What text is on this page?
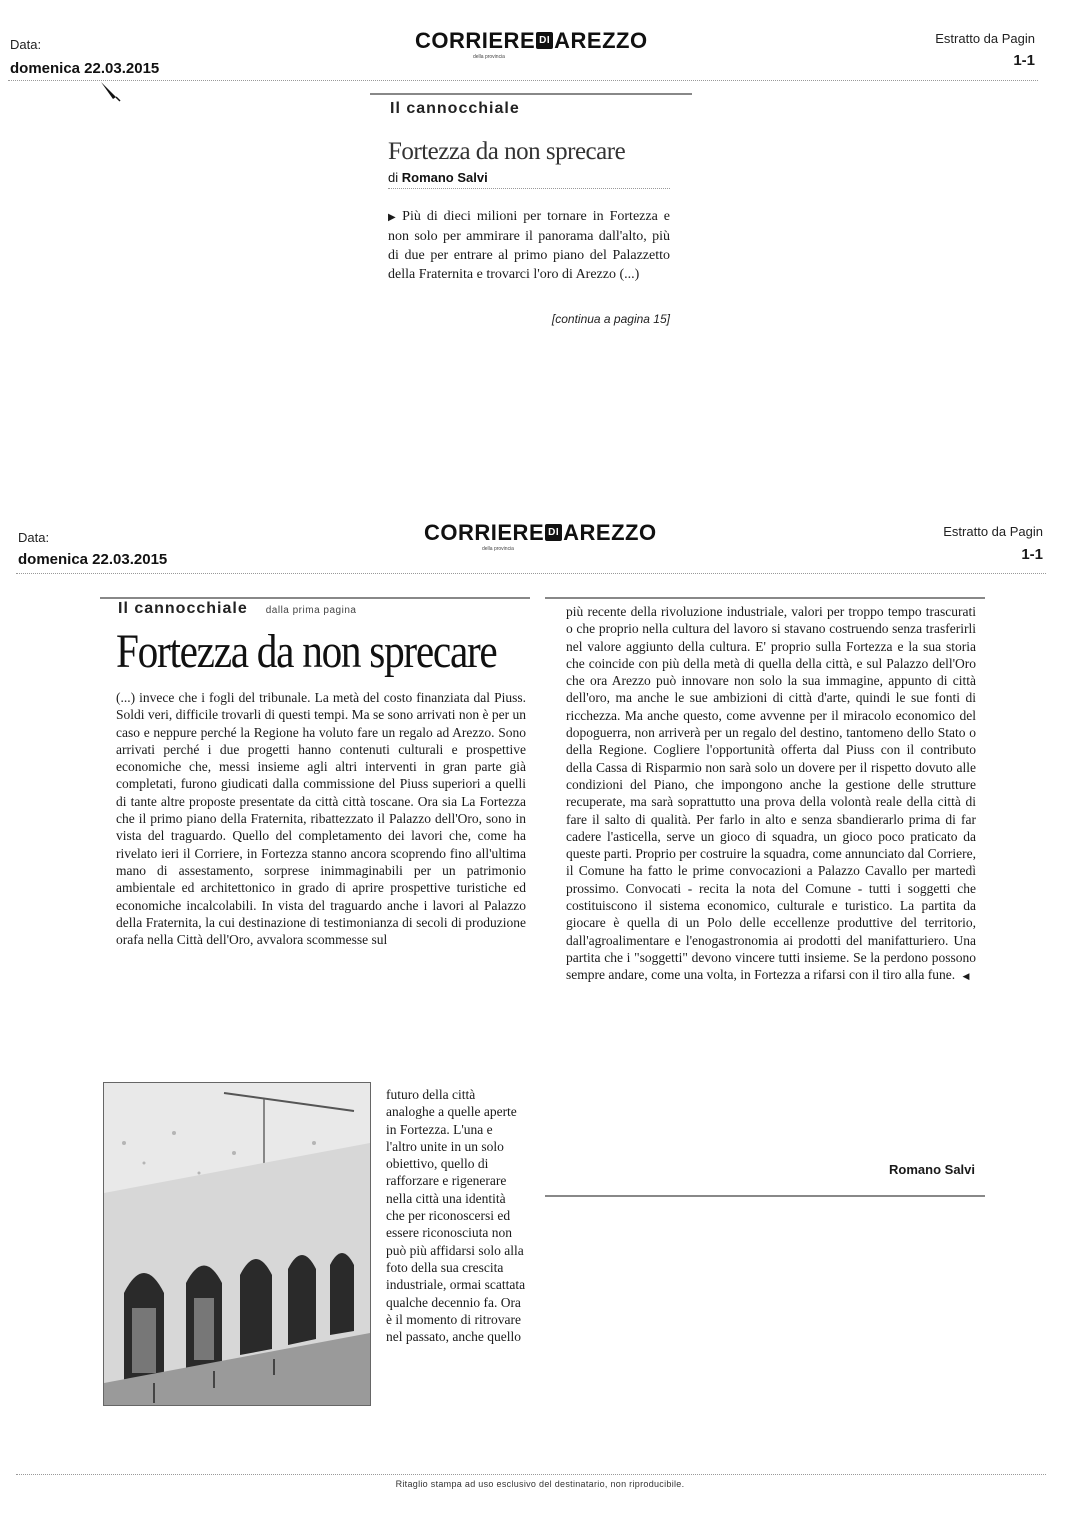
Data:
domenica 22.03.2015
CORRIERE DI AREZZO
della provincia
Estratto da Pagin
1-1
Il cannocchiale
Fortezza da non sprecare
di Romano Salvi
▶ Più di dieci milioni per tornare in Fortezza e non solo per ammirare il panorama dall'alto, più di due per entrare al primo piano del Palazzetto della Fraternita e trovarci l'oro di Arezzo (...)
[continua a pagina 15]
Data:
domenica 22.03.2015
CORRIERE DI AREZZO
della provincia
Estratto da Pagin
1-1
Il cannocchiale dalla prima pagina
Fortezza da non sprecare
(...) invece che i fogli del tribunale. La metà del costo finanziata dal Piuss. Soldi veri, difficile trovarli di questi tempi. Ma se sono arrivati non è per un caso e neppure perché la Regione ha voluto fare un regalo ad Arezzo. Sono arrivati perché i due progetti hanno contenuti culturali e prospettive economiche che, messi insieme agli altri interventi in gran parte già completati, furono giudicati dalla commissione del Piuss superiori a quelli di tante altre proposte presentate da città città toscane. Ora sia La Fortezza che il primo piano della Fraternita, ribattezzato il Palazzo dell'Oro, sono in vista del traguardo. Quello del completamento dei lavori che, come ha rivelato ieri il Corriere, in Fortezza stanno ancora scoprendo fino all'ultima mano di assestamento, sorprese inimmaginabili per un patrimonio ambientale ed architettonico in grado di aprire prospettive turistiche ed economiche incalcolabili. In vista del traguardo anche i lavori al Palazzo della Fraternita, la cui destinazione di testimonianza di secoli di produzione orafa nella Città dell'Oro, avvalora scommesse sul
futuro della città analoghe a quelle aperte in Fortezza. L'una e l'altro unite in un solo obiettivo, quello di rafforzare e rigenerare nella città una identità che per riconoscersi ed essere riconosciuta non può più affidarsi solo alla foto della sua crescita industriale, ormai scattata qualche decennio fa. Ora è il momento di ritrovare nel passato, anche quello
più recente della rivoluzione industriale, valori per troppo tempo trascurati o che proprio nella cultura del lavoro si stavano costruendo senza trasferirli nel valore aggiunto della cultura. E' proprio sulla Fortezza e la sua storia che coincide con più della metà di quella della città, e sul Palazzo dell'Oro che ora Arezzo può innovare non solo la sua immagine, appunto di città dell'oro, ma anche le sue ambizioni di città d'arte, quindi le sue fonti di ricchezza. Ma anche questo, come avvenne per il miracolo economico del dopoguerra, non arriverà per un regalo del destino, tantomeno dello Stato o della Regione. Cogliere l'opportunità offerta dal Piuss con il contributo della Cassa di Risparmio non sarà solo un dovere per il rispetto dovuto alle condizioni del Piano, che impongono anche la gestione delle strutture recuperate, ma sarà soprattutto una prova della volontà reale della città di fare il salto di qualità. Per farlo in alto e senza sbandierarlo prima di far cadere l'asticella, serve un gioco di squadra, un gioco poco praticato da queste parti. Proprio per costruire la squadra, come annunciato dal Corriere, il Comune ha fatto le prime convocazioni a Palazzo Cavallo per martedì prossimo. Convocati - recita la nota del Comune - tutti i soggetti che costituiscono il sistema economico, culturale e turistico. La partita da giocare è quella di un Polo delle eccellenze produttive del territorio, dall'agroalimentare e l'enogastronomia ai prodotti del manifatturiero. Una partita che i "soggetti" devono vincere tutti insieme. Se la perdono possono sempre andare, come una volta, in Fortezza a rifarsi con il tiro alla fune. ◀
Romano Salvi
Ritaglio stampa ad uso esclusivo del destinatario, non riproducibile.
